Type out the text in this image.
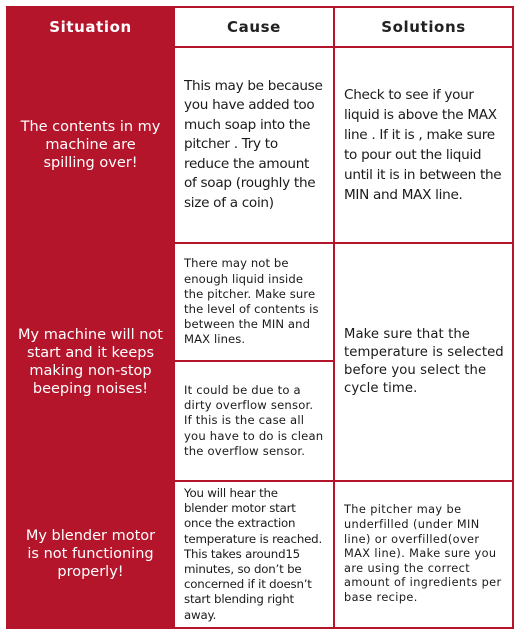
Situation	Cause	Solutions
The contents in my machine are spilling over!	This may be because you have added too much soap into the pitcher . Try to reduce the amount of soap (roughly the size of a coin)	Check to see if your liquid is above the MAX line . If it is , make sure to pour out the liquid until it is in between the MIN and MAX line.
My machine will not start and it keeps making non-stop beeping noises!	There may not be enough liquid inside the pitcher. Make sure the level of contents is between the MIN and MAX lines.	Make sure that the temperature is selected before you select the cycle time.
	It could be due to a dirty overflow sensor. If this is the case all you have to do is clean the overflow sensor.	
My blender motor is not functioning properly!	You will hear the blender motor start once the extraction temperature is reached. This takes around15 minutes, so don’t be concerned if it doesn’t start blending right away.	The pitcher may be underfilled (under MIN line) or overfilled(over MAX line). Make sure you are using the correct amount of ingredients per base recipe.
